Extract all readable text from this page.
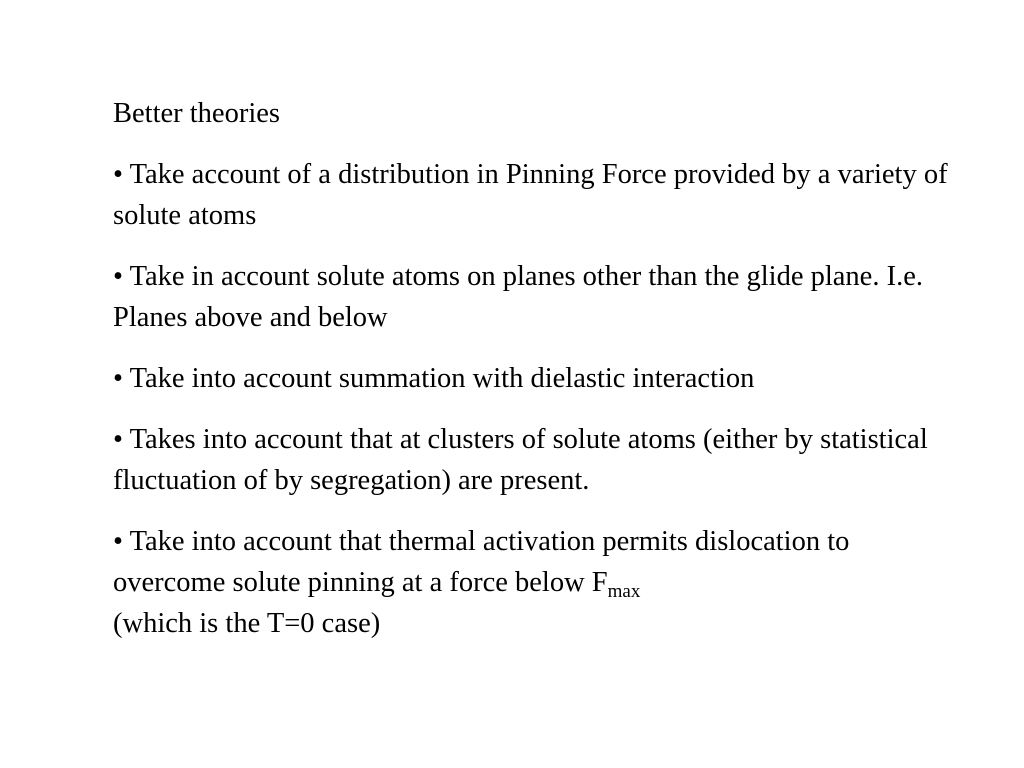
Better theories

• Take account of a distribution in Pinning Force provided by a variety of solute atoms

• Take in account solute atoms on planes other than the glide plane. I.e. Planes above and below

• Take into account summation with dielastic interaction

• Takes into account that at clusters of solute atoms (either by statistical fluctuation of by segregation) are present.

• Take into account that thermal activation permits dislocation to overcome solute pinning at a force below $F_{max}$
(which is the T=0 case)
